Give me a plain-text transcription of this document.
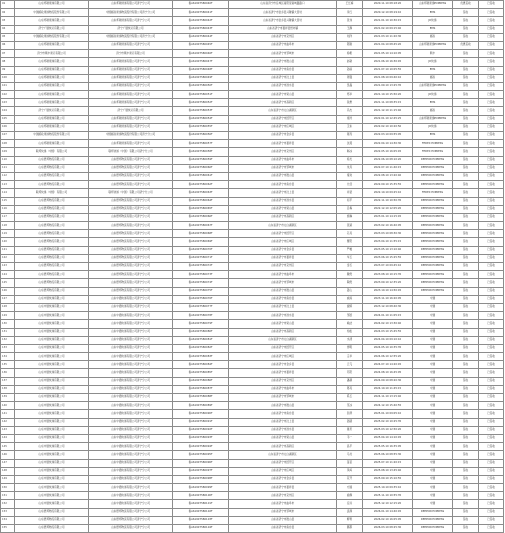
91	山东邦驰速递有限公司	山东邦驰速递有限公司济宁分公司	鲁A61907580040F	山东省济宁市任城区南阳里南城路路口	王红梅	2020.11.10 08:18:20	山东邦驰速递EXPRESS	优惠签收	已签收
92	中国邮政速递物流股份有限公司	中国邮政速递物流股份有限公司济宁分公司	鲁A61907580041F	山东省济宁市金乡县兴隆镇大营村	李红	2020.12.10 08:19:10	EMS	签收	已签收
93	山东邦驰速递有限公司	山东邦驰速递有限公司济宁分公司	鲁A61907580042F	山东省济宁市金乡县兴隆镇大营村	张伟	2021.01.10 10:30:15	JD快递	签收	已签收
94	济宁广通快运有限公司	济宁广通快运有限公司	鲁A61907580043F	山东省济宁市嘉祥县纸坊镇	王静	2021.02.10 09:15:40	EMS	签收	已签收
95	中国邮政速递物流股份有限公司	中国邮政速递物流股份有限公司济宁分公司	鲁A61907580044F	山东省济宁市兖州区	刘洋	2021.03.10 11:20:30	邮政	签收	已签收
96	山东邦驰速递有限公司	山东邦驰速递有限公司济宁分公司	鲁A61907580045F	山东省济宁市曲阜市	陈刚	2021.04.10 08:45:20	山东邦驰速递EXPRESS	优惠签收	已签收
97	济宁市顺丰速运有限公司	济宁市顺丰速运有限公司	鲁A61907580046F	山东省济宁市邹城市	杨帆	2021.05.10 14:10:05	顺丰	签收	已签收
98	山东邦驰速递有限公司	山东邦驰速递有限公司济宁分公司	鲁A61907580047F	山东省济宁市微山县	赵敏	2021.06.10 16:30:45	JD快递	签收	已签收
99	山东邦驰速递有限公司	山东邦驰速递有限公司济宁分公司	鲁A61907580048F	山东省济宁市鱼台县	孙丽	2021.07.10 10:05:55	EMS	签收	已签收
100	山东邦驰速递有限公司	山东邦驰速递有限公司济宁分公司	鲁A61907580049F	山东省济宁市汶上县	周强	2021.08.10 09:40:10	邮政	签收	已签收
101	山东邦驰速递有限公司	山东邦驰速递有限公司济宁分公司	鲁A61907580050F	山东省济宁市泗水县	吴磊	2021.09.10 13:25:35	山东邦驰速递EXPRESS	签收	已签收
102	山东邦驰速递有限公司	山东邦驰速递有限公司济宁分公司	鲁A61907580051F	山东省济宁市梁山县	郑华	2021.10.10 15:50:20	JD快递	签收	已签收
103	山东邦驰速递有限公司	山东邦驰速递有限公司济宁分公司	鲁A61907580052F	山东省济宁市高新区	钱勇	2021.11.10 08:35:15	EMS	签收	已签收
104	济宁广通快运有限公司	济宁广通快运有限公司	鲁A61907580053F	山东省济宁市太白湖新区	冯杰	2021.12.10 11:15:40	邮政	签收	已签收
105	山东邦驰速递有限公司	山东邦驰速递有限公司济宁分公司	鲁A61907580054F	山东省济宁市经开区	褚玲	2022.01.10 12:45:25	山东邦驰速递EXPRESS	签收	已签收
106	山东邦驰速递有限公司	山东邦驰速递有限公司济宁分公司	鲁A61907580055F	山东省济宁市任城区	卫东	2022.02.10 10:20:50	JD快递	签收	已签收
107	中国邮政速递物流股份有限公司	中国邮政速递物流股份有限公司济宁分公司	鲁A61907580056F	山东省济宁市金乡县	蒋涛	2022.03.10 09:55:05	EMS	签收	已签收
108	山东邦驰速递有限公司	山东邦驰速递有限公司济宁分公司	鲁A61907580057F	山东省济宁市嘉祥县	沈燕	2022.04.10 14:30:30	FEDEX EXPRESS	签收	已签收
109	联邦快递（中国）有限公司	联邦快递（中国）有限公司济宁分公司	鲁A61907580058F	山东省济宁市兖州区	韩冰	2022.05.10 16:05:45	FEDEX EXPRESS	签收	已签收
110	山东德邦物流有限公司	山东德邦物流有限公司济宁分公司	鲁A61907580059F	山东省济宁市曲阜市	杨光	2022.06.10 08:10:20	DEPPON EXPRESS	签收	已签收
111	山东德邦物流有限公司	山东德邦物流有限公司济宁分公司	鲁A61907580060F	山东省济宁市邹城市	朱丹	2022.07.10 11:40:15	DEPPON EXPRESS	签收	已签收
112	山东德邦物流有限公司	山东德邦物流有限公司济宁分公司	鲁A61907580061F	山东省济宁市微山县	秦岚	2022.08.10 13:20:40	DEPPON EXPRESS	签收	已签收
113	山东德邦物流有限公司	山东德邦物流有限公司济宁分公司	鲁A61907580062F	山东省济宁市鱼台县	尤佳	2022.09.10 15:35:55	DEPPON EXPRESS	签收	已签收
114	联邦快递（中国）有限公司	联邦快递（中国）有限公司济宁分公司	鲁A61907580063F	山东省济宁市汶上县	许诺	2022.10.10 09:25:10	FEDEX EXPRESS	签收	已签收
115	山东德邦物流有限公司	山东德邦物流有限公司济宁分公司	鲁A61907580064F	山东省济宁市泗水县	何平	2022.11.10 10:50:35	DEPPON EXPRESS	签收	已签收
116	山东德邦物流有限公司	山东德邦物流有限公司济宁分公司	鲁A61907580065F	山东省济宁市梁山县	吕梅	2022.12.10 12:05:20	DEPPON EXPRESS	签收	已签收
117	山东德邦物流有限公司	山东德邦物流有限公司济宁分公司	鲁A61907580066F	山东省济宁市高新区	施琳	2023.01.10 14:15:45	DEPPON EXPRESS	签收	已签收
118	山东德邦物流有限公司	山东德邦物流有限公司济宁分公司	鲁A61907580067F	山东省济宁市太白湖新区	张颖	2023.02.10 16:40:05	DEPPON EXPRESS	签收	已签收
119	山东德邦物流有限公司	山东德邦物流有限公司济宁分公司	鲁A61907580068F	山东省济宁市经开区	孔亮	2023.03.10 08:30:30	DEPPON EXPRESS	签收	已签收
120	山东德邦物流有限公司	山东德邦物流有限公司济宁分公司	鲁A61907580069F	山东省济宁市任城区	曹阳	2023.04.10 11:55:15	DEPPON EXPRESS	签收	已签收
121	山东德邦物流有限公司	山东德邦物流有限公司济宁分公司	鲁A61907580070F	山东省济宁市金乡县	严峻	2023.05.10 13:10:40	DEPPON EXPRESS	签收	已签收
122	山东德邦物流有限公司	山东德邦物流有限公司济宁分公司	鲁A61907580071F	山东省济宁市嘉祥县	华玉	2023.06.10 15:25:55	DEPPON EXPRESS	签收	已签收
123	山东德邦物流有限公司	山东德邦物流有限公司济宁分公司	鲁A61907580072F	山东省济宁市兖州区	金石	2023.07.10 09:45:10	DEPPON EXPRESS	签收	已签收
124	山东德邦物流有限公司	山东德邦物流有限公司济宁分公司	鲁A61907580073F	山东省济宁市曲阜市	魏然	2023.08.10 10:15:35	DEPPON EXPRESS	签收	已签收
125	山东德邦物流有限公司	山东德邦物流有限公司济宁分公司	鲁A61907580074F	山东省济宁市邹城市	陶然	2023.09.10 12:35:20	DEPPON EXPRESS	签收	已签收
126	山东德邦物流有限公司	山东德邦物流有限公司济宁分公司	鲁A61907580075F	山东省济宁市微山县	姜山	2023.10.10 14:50:45	DEPPON EXPRESS	签收	已签收
127	山东中通快递有限公司	山东中通快递有限公司济宁分公司	鲁A61907580076F	山东省济宁市鱼台县	戚雨	2023.11.10 16:20:05	中通	签收	已签收
128	山东中通快递有限公司	山东中通快递有限公司济宁分公司	鲁A61907580077F	山东省济宁市汶上县	谢婷	2023.12.10 08:40:30	中通	签收	已签收
129	山东中通快递有限公司	山东中通快递有限公司济宁分公司	鲁A61907580078F	山东省济宁市泗水县	邹凯	2024.01.10 11:05:15	中通	签收	已签收
130	山东中通快递有限公司	山东中通快递有限公司济宁分公司	鲁A61907580079F	山东省济宁市梁山县	喻洁	2024.02.10 13:30:40	中通	签收	已签收
131	山东中通快递有限公司	山东中通快递有限公司济宁分公司	鲁A61907580080F	山东省济宁市高新区	柏松	2024.03.10 15:45:55	中通	签收	已签收
132	山东中通快递有限公司	山东中通快递有限公司济宁分公司	鲁A61907580081F	山东省济宁市太白湖新区	水清	2024.04.10 09:10:10	中通	签收	已签收
133	山东中通快递有限公司	山东中通快递有限公司济宁分公司	鲁A61907580082F	山东省济宁市经开区	窦明	2024.05.10 10:35:35	中通	签收	已签收
134	山东中通快递有限公司	山东中通快递有限公司济宁分公司	鲁A61907580083F	山东省济宁市任城区	章华	2024.06.10 12:55:20	中通	签收	已签收
135	山东中通快递有限公司	山东中通快递有限公司济宁分公司	鲁A61907580084F	山东省济宁市金乡县	云飞	2024.07.10 14:20:45	中通	签收	已签收
136	山东中通快递有限公司	山东中通快递有限公司济宁分公司	鲁A61907580085F	山东省济宁市嘉祥县	苏阳	2024.08.10 16:45:05	中通	签收	已签收
137	山东中通快递有限公司	山东中通快递有限公司济宁分公司	鲁A61907580086F	山东省济宁市兖州区	潘越	2024.09.10 08:20:30	中通	签收	已签收
138	山东中通快递有限公司	山东中通快递有限公司济宁分公司	鲁A61907580087F	山东省济宁市曲阜市	葛亮	2024.10.10 11:45:15	中通	签收	已签收
139	山东中通快递有限公司	山东中通快递有限公司济宁分公司	鲁A61907580088F	山东省济宁市邹城市	奚玉	2024.11.10 13:15:40	中通	签收	已签收
140	山东中通快递有限公司	山东中通快递有限公司济宁分公司	鲁A61907580089F	山东省济宁市微山县	范冰	2024.12.10 15:40:55	中通	签收	已签收
141	山东中通快递有限公司	山东中通快递有限公司济宁分公司	鲁A61907580090F	山东省济宁市鱼台县	彭湃	2025.01.10 09:05:10	中通	签收	已签收
142	山东中通快递有限公司	山东中通快递有限公司济宁分公司	鲁A61907580091F	山东省济宁市汶上县	郎朗	2025.02.10 10:25:35	中通	签收	已签收
143	山东中通快递有限公司	山东中通快递有限公司济宁分公司	鲁A61907580092F	山东省济宁市泗水县	鲁迅	2025.03.10 12:50:20	中通	签收	已签收
144	山东中通快递有限公司	山东中通快递有限公司济宁分公司	鲁A61907580093F	山东省济宁市梁山县	韦一	2025.04.10 14:10:45	中通	签收	已签收
145	山东中通快递有限公司	山东中通快递有限公司济宁分公司	鲁A61907580094F	山东省济宁市高新区	昌平	2025.05.10 16:35:05	中通	签收	已签收
146	山东中通快递有限公司	山东中通快递有限公司济宁分公司	鲁A61907580095F	山东省济宁市太白湖新区	马龙	2025.06.10 08:55:30	中通	签收	已签收
147	山东中通快递有限公司	山东中通快递有限公司济宁分公司	鲁A61907580096F	山东省济宁市经开区	苗苗	2025.07.10 11:20:15	中通	签收	已签收
148	山东中通快递有限公司	山东中通快递有限公司济宁分公司	鲁A61907580097F	山东省济宁市任城区	凤鸣	2025.08.10 13:45:40	中通	签收	已签收
149	山东中通快递有限公司	山东中通快递有限公司济宁分公司	鲁A61907580098F	山东省济宁市金乡县	花开	2025.09.10 15:10:55	中通	签收	已签收
150	山东中通快递有限公司	山东中通快递有限公司济宁分公司	鲁A61907580099F	山东省济宁市嘉祥县	方圆	2025.10.10 09:35:10	中通	签收	已签收
151	山东中通快递有限公司	山东中通快递有限公司济宁分公司	鲁A61907580100F	山东省济宁市兖州区	俞静	2025.11.10 10:55:35	中通	签收	已签收
152	山东中通快递有限公司	山东中通快递有限公司济宁分公司	鲁A61907580101F	山东省济宁市曲阜市	任远	2025.12.10 12:15:20	中通	签收	已签收
153	山东德邦物流有限公司	山东德邦物流有限公司济宁分公司	鲁A61907580102F	山东省济宁市邹城市	袁满	2026.01.10 14:40:45	DEPPON EXPRESS	签收	已签收
154	山东德邦物流有限公司	山东德邦物流有限公司济宁分公司	鲁A61907580103F	山东省济宁市微山县	柳青	2026.02.10 16:05:05	DEPPON EXPRESS	签收	已签收
155	山东德邦物流有限公司	山东德邦物流有限公司济宁分公司	鲁A61907580104F	山东省济宁市鱼台县	酆都	2026.03.10 08:25:30	DEPPON EXPRESS	签收	已签收
